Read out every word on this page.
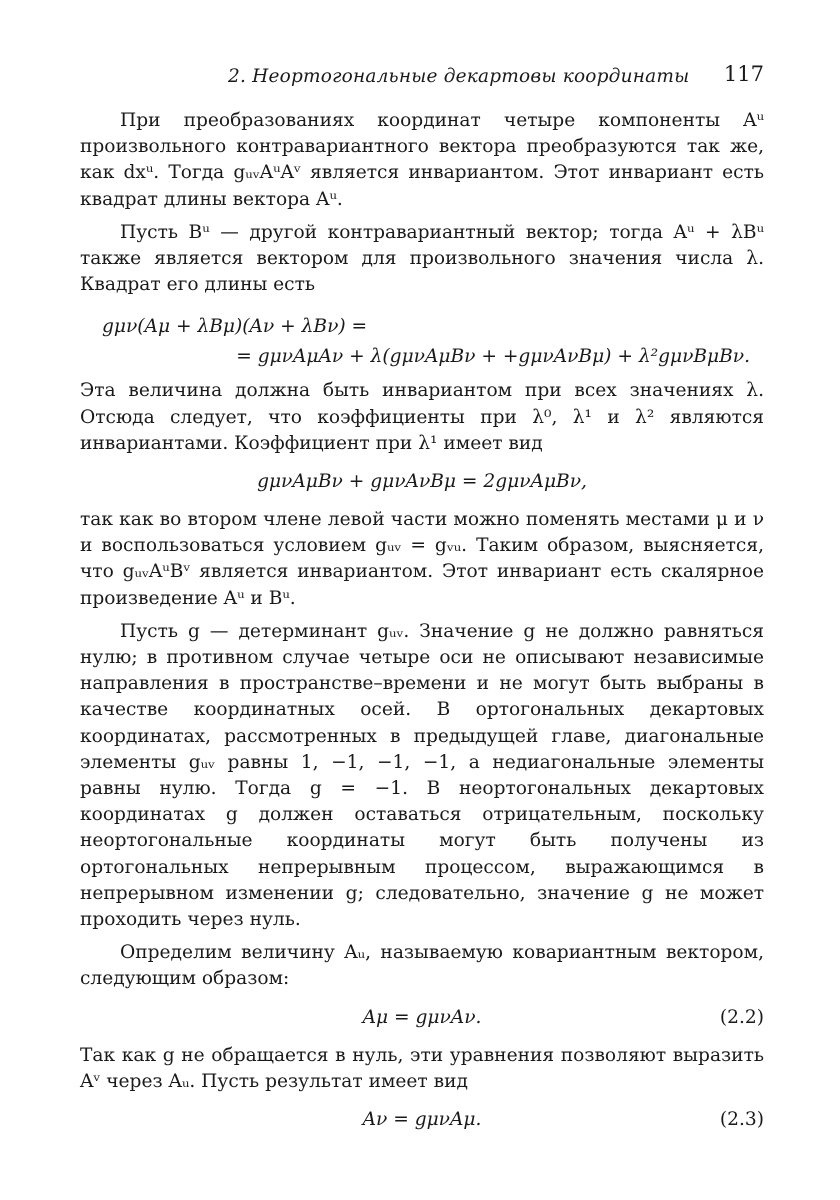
2. Неортогональные декартовы координаты 117

При преобразованиях координат четыре компоненты Aᵘ произвольного контравариантного вектора преобразуются так же, как dxᵘ. Тогда gᵤᵥAᵘAᵛ является инвариантом. Этот инвариант есть квадрат длины вектора Aᵘ.

Пусть Bᵘ — другой контравариантный вектор; тогда Aᵘ + λBᵘ также является вектором для произвольного значения числа λ. Квадрат его длины есть

gμν(Aμ + λBμ)(Aν + λBν) =
= gμνAμAν + λ(gμνAμBν + +gμνAνBμ) + λ²gμνBμBν.

Эта величина должна быть инвариантом при всех значениях λ. Отсюда следует, что коэффициенты при λ⁰, λ¹ и λ² являются инвариантами. Коэффициент при λ¹ имеет вид

gμνAμBν + gμνAνBμ = 2gμνAμBν,

так как во втором члене левой части можно поменять местами μ и ν и воспользоваться условием gᵤᵥ = gᵥᵤ. Таким образом, выясняется, что gᵤᵥAᵘBᵛ является инвариантом. Этот инвариант есть скалярное произведение Aᵘ и Bᵘ.

Пусть g — детерминант gᵤᵥ. Значение g не должно равняться нулю; в противном случае четыре оси не описывают независимые направления в пространстве–времени и не могут быть выбраны в качестве координатных осей. В ортогональных декартовых координатах, рассмотренных в предыдущей главе, диагональные элементы gᵤᵥ равны 1, −1, −1, −1, а недиагональные элементы равны нулю. Тогда g = −1. В неортогональных декартовых координатах g должен оставаться отрицательным, поскольку неортогональные координаты могут быть получены из ортогональных непрерывным процессом, выражающимся в непрерывном изменении g; следовательно, значение g не может проходить через нуль.

Определим величину Aᵤ, называемую ковариантным вектором, следующим образом:

Aμ = gμνAν.	(2.2)

Так как g не обращается в нуль, эти уравнения позволяют выразить Aᵛ через Aᵤ. Пусть результат имеет вид

Aν = gμνAμ.	(2.3)
